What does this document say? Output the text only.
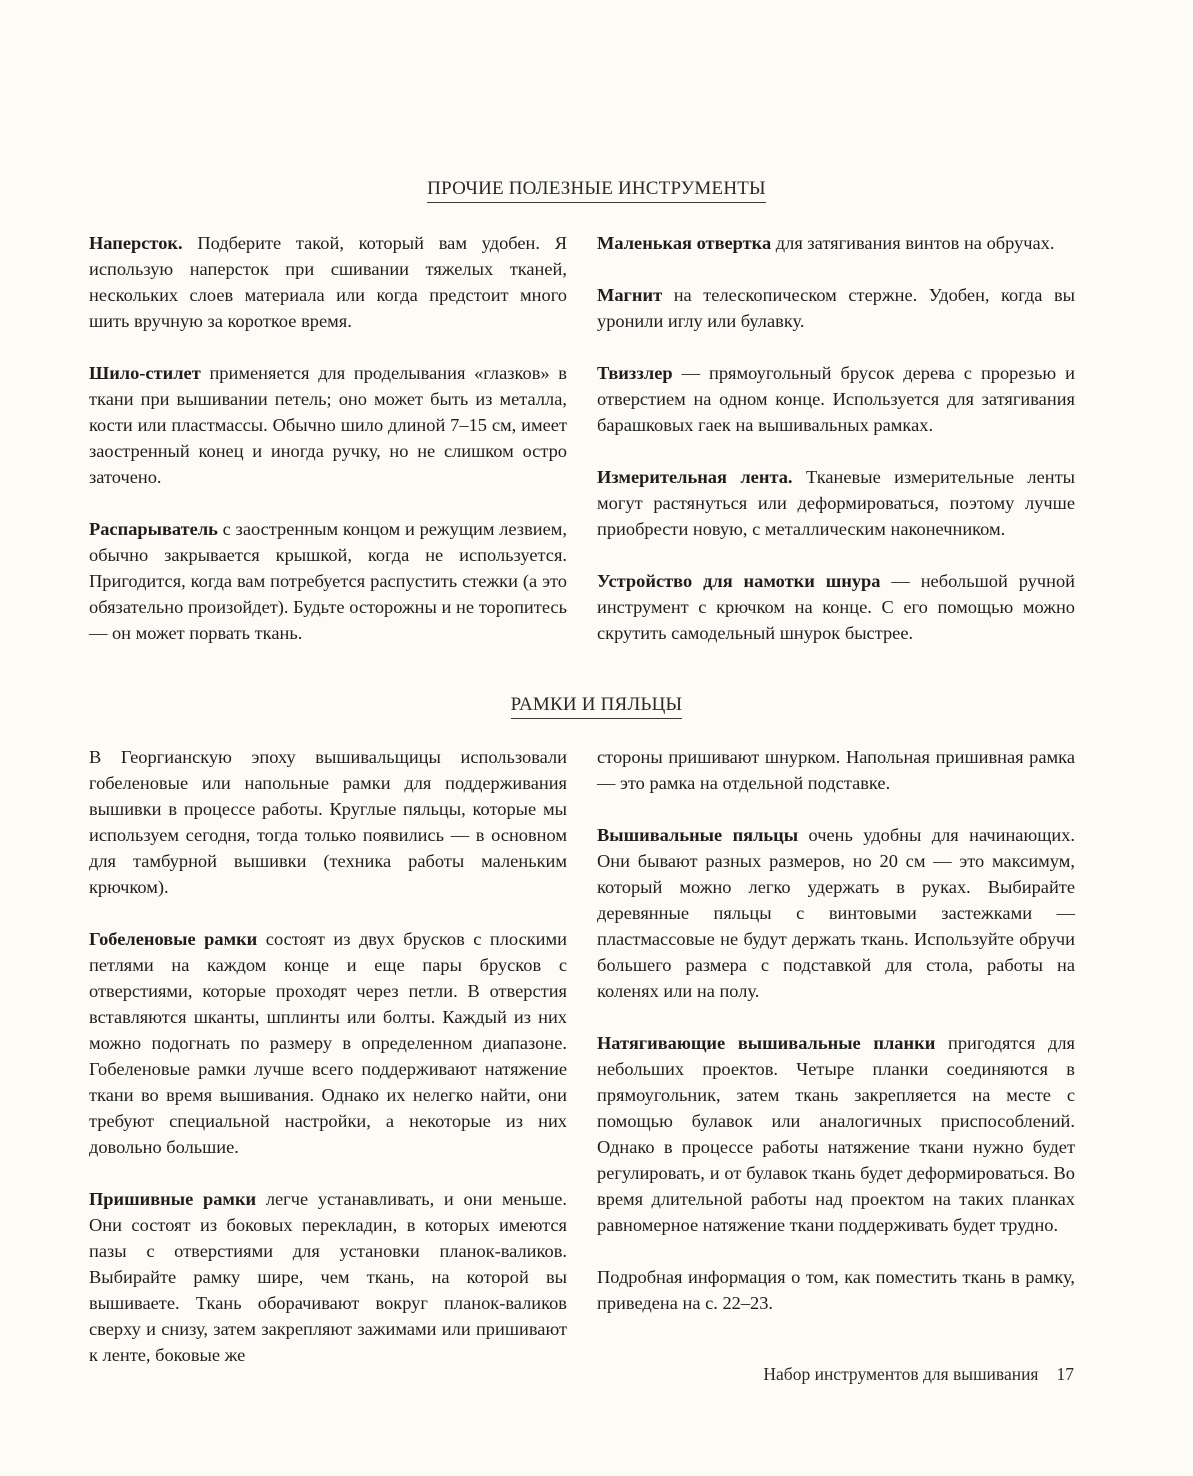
ПРОЧИЕ ПОЛЕЗНЫЕ ИНСТРУМЕНТЫ

Наперсток. Подберите такой, который вам удобен. Я использую наперсток при сшивании тяжелых тканей, нескольких слоев материала или когда предстоит много шить вручную за короткое время.

Шило-стилет применяется для проделывания «глазков» в ткани при вышивании петель; оно может быть из металла, кости или пластмассы. Обычно шило длиной 7–15 см, имеет заостренный конец и иногда ручку, но не слишком остро заточено.

Распарыватель с заостренным концом и режущим лезвием, обычно закрывается крышкой, когда не используется. Пригодится, когда вам потребуется распустить стежки (а это обязательно произойдет). Будьте осторожны и не торопитесь — он может порвать ткань.

Маленькая отвертка для затягивания винтов на обручах.

Магнит на телескопическом стержне. Удобен, когда вы уронили иглу или булавку.

Твиззлер — прямоугольный брусок дерева с прорезью и отверстием на одном конце. Используется для затягивания барашковых гаек на вышивальных рамках.

Измерительная лента. Тканевые измерительные ленты могут растянуться или деформироваться, поэтому лучше приобрести новую, с металлическим наконечником.

Устройство для намотки шнура — небольшой ручной инструмент с крючком на конце. С его помощью можно скрутить самодельный шнурок быстрее.

РАМКИ И ПЯЛЬЦЫ

В Георгианскую эпоху вышивальщицы использовали гобеленовые или напольные рамки для поддерживания вышивки в процессе работы. Круглые пяльцы, которые мы используем сегодня, тогда только появились — в основном для тамбурной вышивки (техника работы маленьким крючком).

Гобеленовые рамки состоят из двух брусков с плоскими петлями на каждом конце и еще пары брусков с отверстиями, которые проходят через петли. В отверстия вставляются шканты, шплинты или болты. Каждый из них можно подогнать по размеру в определенном диапазоне. Гобеленовые рамки лучше всего поддерживают натяжение ткани во время вышивания. Однако их нелегко найти, они требуют специальной настройки, а некоторые из них довольно большие.

Пришивные рамки легче устанавливать, и они меньше. Они состоят из боковых перекладин, в которых имеются пазы с отверстиями для установки планок-валиков. Выбирайте рамку шире, чем ткань, на которой вы вышиваете. Ткань оборачивают вокруг планок-валиков сверху и снизу, затем закрепляют зажимами или пришивают к ленте, боковые же

стороны пришивают шнурком. Напольная пришивная рамка — это рамка на отдельной подставке.

Вышивальные пяльцы очень удобны для начинающих. Они бывают разных размеров, но 20 см — это максимум, который можно легко удержать в руках. Выбирайте деревянные пяльцы с винтовыми застежками — пластмассовые не будут держать ткань. Используйте обручи большего размера с подставкой для стола, работы на коленях или на полу.

Натягивающие вышивальные планки пригодятся для небольших проектов. Четыре планки соединяются в прямоугольник, затем ткань закрепляется на месте с помощью булавок или аналогичных приспособлений. Однако в процессе работы натяжение ткани нужно будет регулировать, и от булавок ткань будет деформироваться. Во время длительной работы над проектом на таких планках равномерное натяжение ткани поддерживать будет трудно.

Подробная информация о том, как поместить ткань в рамку, приведена на с. 22–23.

Набор инструментов для вышивания 17
